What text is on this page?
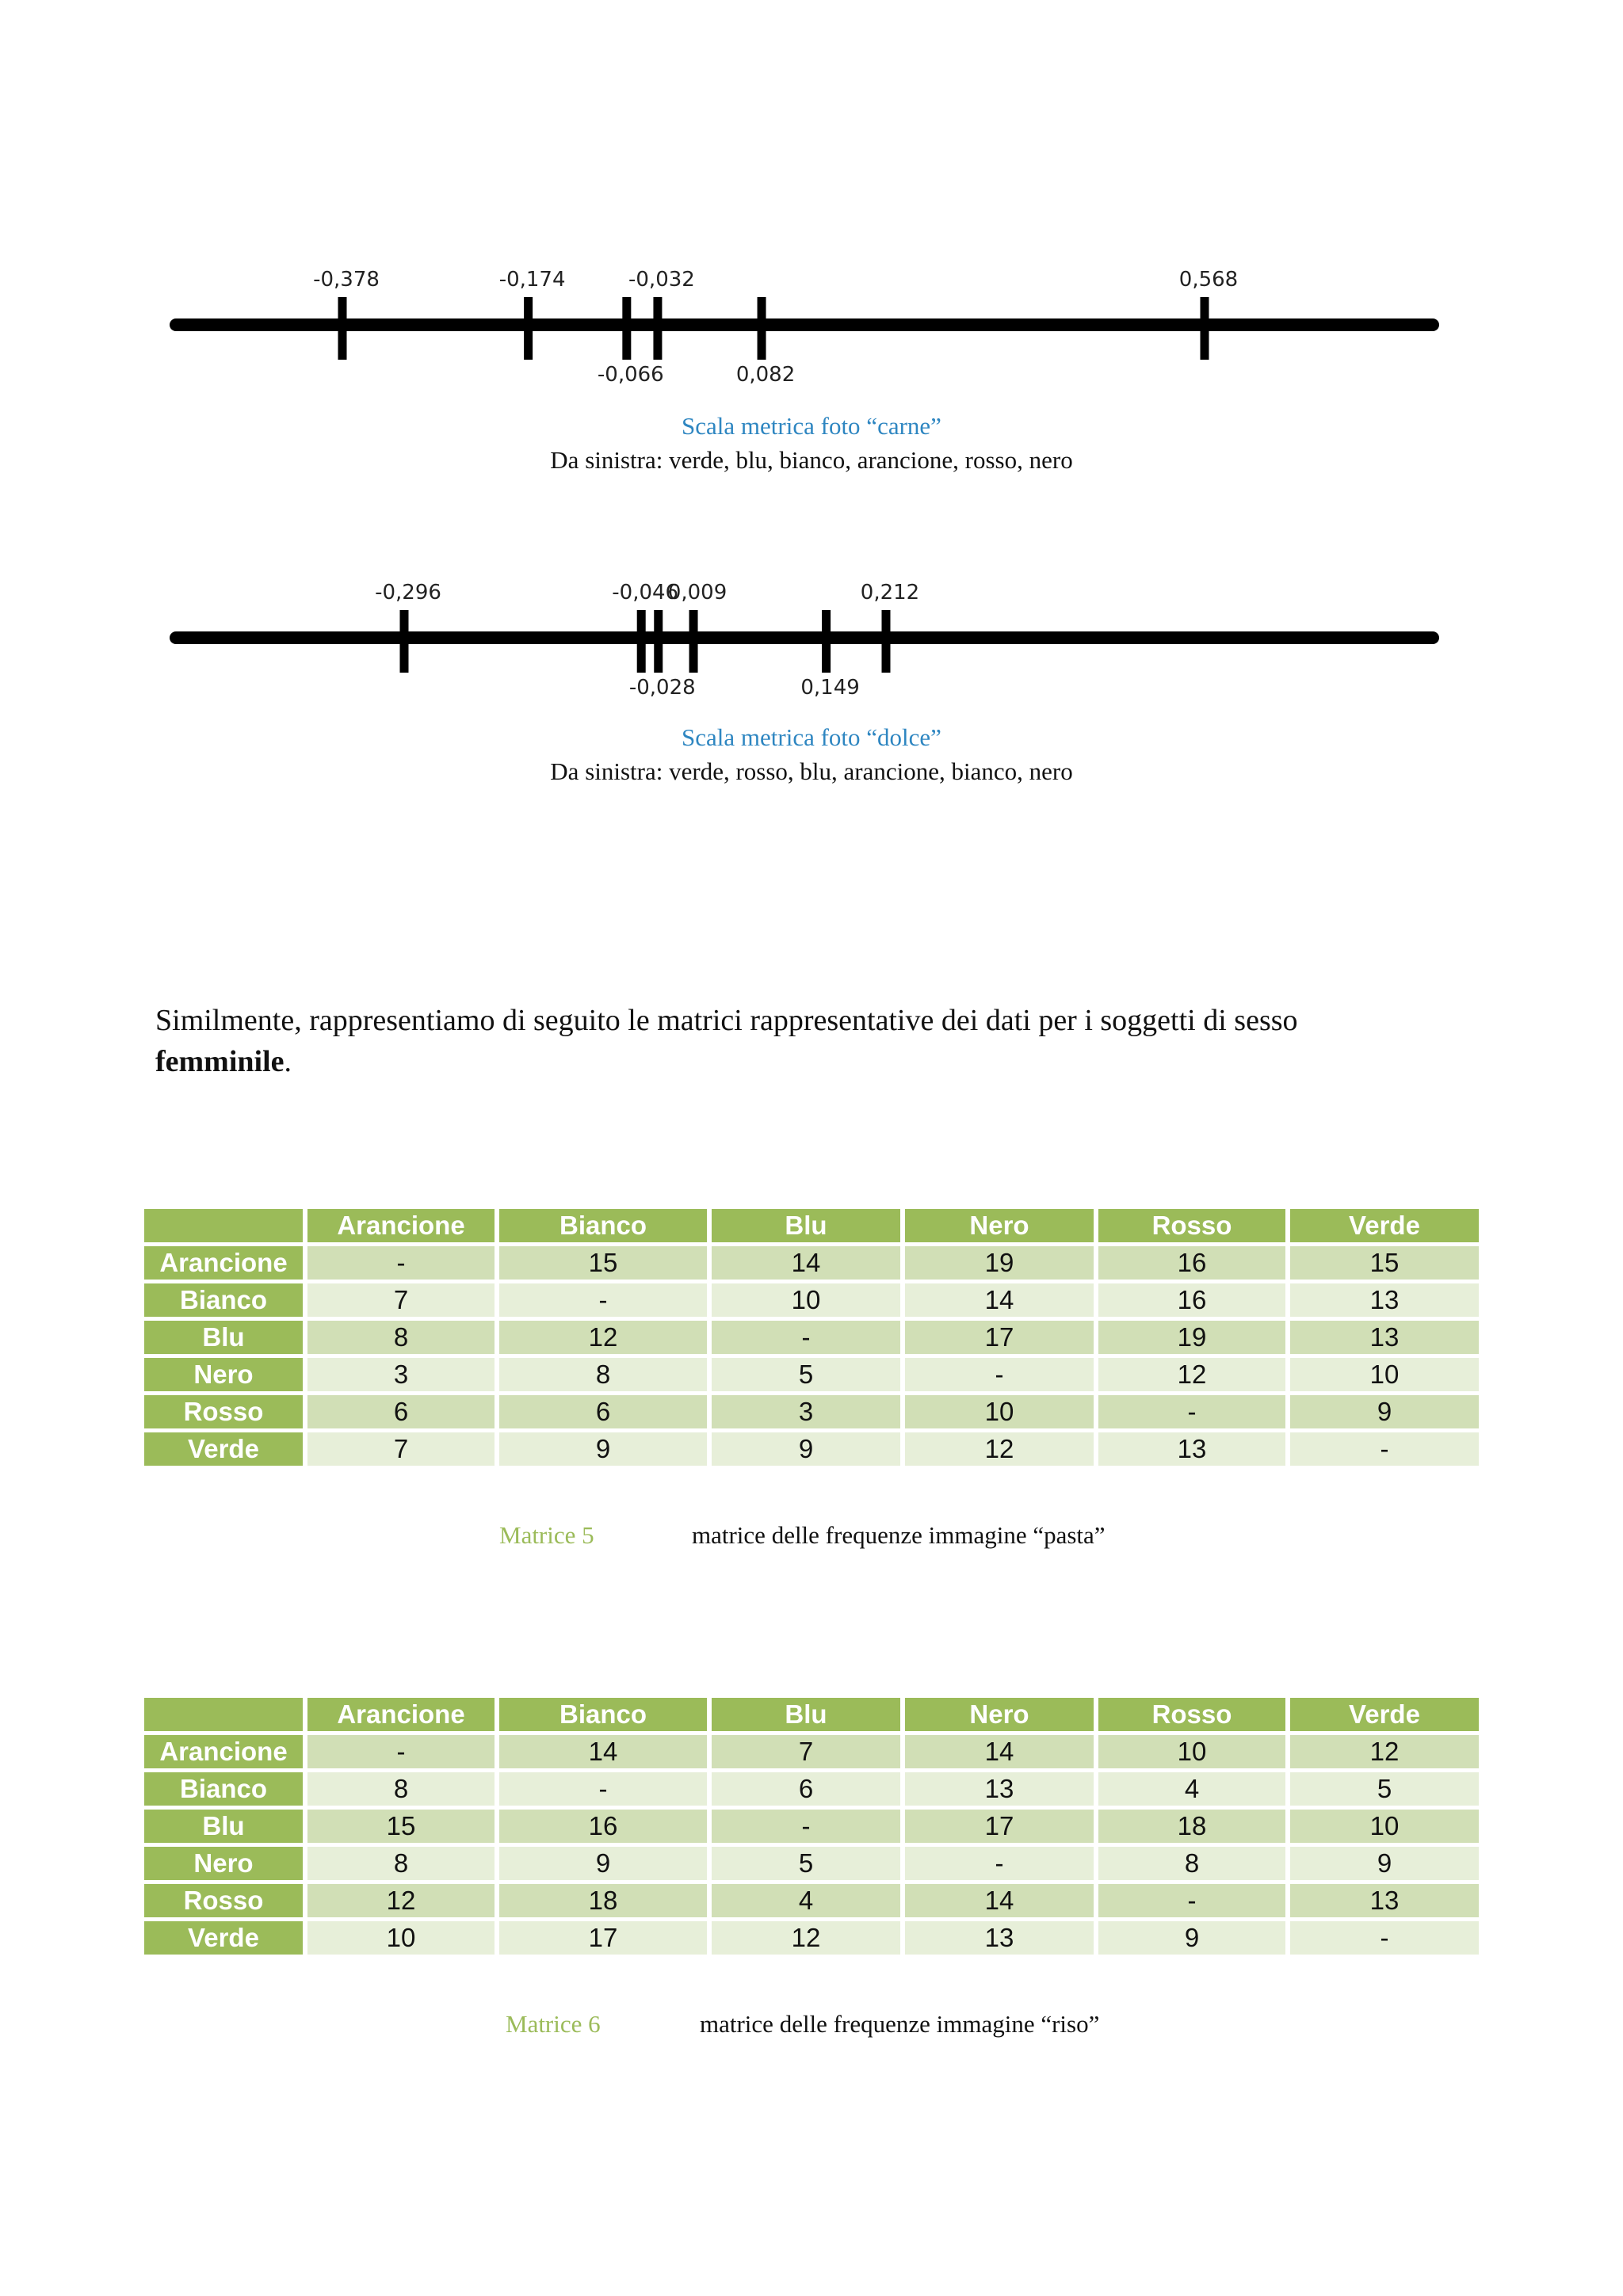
-0,378	-0,174
-0,066
-0,032
0,082
0,568
Scala metrica foto “carne”
Da sinistra: verde, blu, bianco, arancione, rosso, nero
-0,296	-0,046
-0,028
0,009
0,149
0,212
Scala metrica foto “dolce”
Da sinistra: verde, rosso, blu, arancione, bianco, nero
Similmente, rappresentiamo di seguito le matrici rappresentative dei dati per i soggetti di sesso
femminile.
	Arancione	Bianco	Blu	Nero	Rosso	Verde
Arancione	-	15	14	19	16	15
Bianco	7	-	10	14	16	13
Blu	8	12	-	17	19	13
Nero	3	8	5	-	12	10
Rosso	6	6	3	10	-	9
Verde	7	9	9	12	13	-
Matrice 5	matrice delle frequenze immagine “pasta”
	Arancione	Bianco	Blu	Nero	Rosso	Verde
Arancione	-	14	7	14	10	12
Bianco	8	-	6	13	4	5
Blu	15	16	-	17	18	10
Nero	8	9	5	-	8	9
Rosso	12	18	4	14	-	13
Verde	10	17	12	13	9	-
Matrice 6	matrice delle frequenze immagine “riso”
